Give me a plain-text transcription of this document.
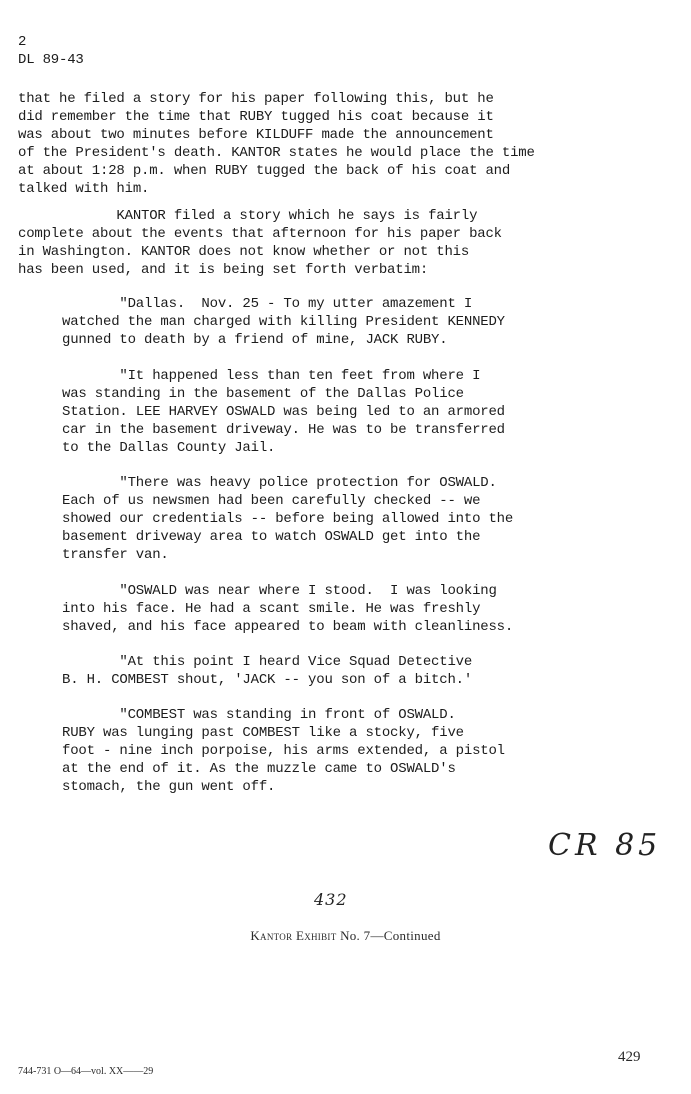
2

DL 89-43

that he filed a story for his paper following this, but he
did remember the time that RUBY tugged his coat because it
was about two minutes before KILDUFF made the announcement
of the President's death. KANTOR states he would place the time
at about 1:28 p.m. when RUBY tugged the back of his coat and
talked with him.
KANTOR filed a story which he says is fairly
complete about the events that afternoon for his paper back
in Washington. KANTOR does not know whether or not this
has been used, and it is being set forth verbatim:
"Dallas.  Nov. 25 - To my utter amazement I
watched the man charged with killing President KENNEDY
gunned to death by a friend of mine, JACK RUBY.
"It happened less than ten feet from where I
was standing in the basement of the Dallas Police
Station. LEE HARVEY OSWALD was being led to an armored
car in the basement driveway. He was to be transferred
to the Dallas County Jail.
"There was heavy police protection for OSWALD.
Each of us newsmen had been carefully checked -- we
showed our credentials -- before being allowed into the
basement driveway area to watch OSWALD get into the
transfer van.
"OSWALD was near where I stood.  I was looking
into his face. He had a scant smile. He was freshly
shaved, and his face appeared to beam with cleanliness.
"At this point I heard Vice Squad Detective
B. H. COMBEST shout, 'JACK -- you son of a bitch.'
"COMBEST was standing in front of OSWALD.
RUBY was lunging past COMBEST like a stocky, five
foot - nine inch porpoise, his arms extended, a pistol
at the end of it. As the muzzle came to OSWALD's
stomach, the gun went off.

CR 85

432

Kantor Exhibit No. 7—Continued

429

744-731 O—64—vol. XX——29
